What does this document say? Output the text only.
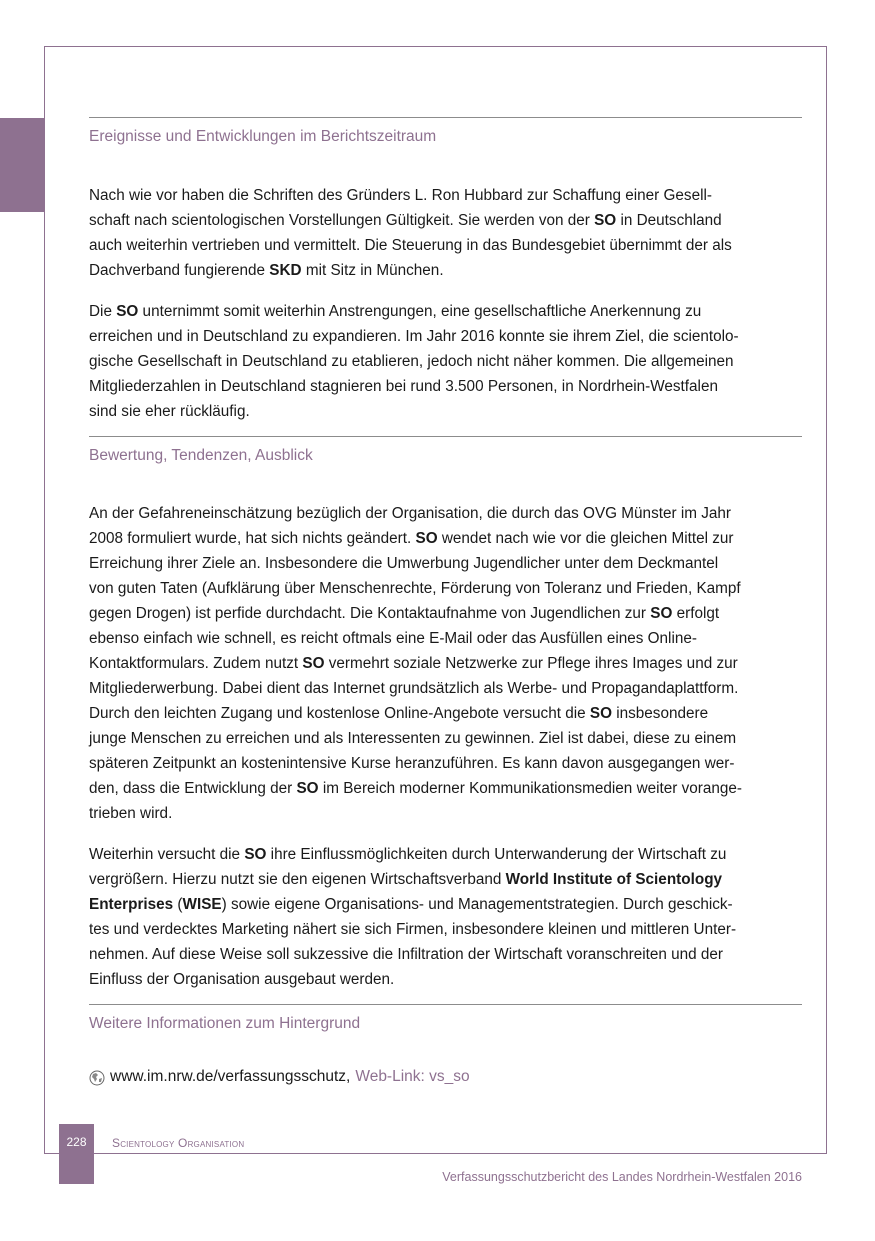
Ereignisse und Entwicklungen im Berichtszeitraum
Nach wie vor haben die Schriften des Gründers L. Ron Hubbard zur Schaffung einer Gesell-
schaft nach scientologischen Vorstellungen Gültigkeit. Sie werden von der SO in Deutschland
auch weiterhin vertrieben und vermittelt. Die Steuerung in das Bundesgebiet übernimmt der als
Dachverband fungierende SKD mit Sitz in München.
Die SO unternimmt somit weiterhin Anstrengungen, eine gesellschaftliche Anerkennung zu
erreichen und in Deutschland zu expandieren. Im Jahr 2016 konnte sie ihrem Ziel, die scientolo-
gische Gesellschaft in Deutschland zu etablieren, jedoch nicht näher kommen. Die allgemeinen
Mitgliederzahlen in Deutschland stagnieren bei rund 3.500 Personen, in Nordrhein-Westfalen
sind sie eher rückläufig.
Bewertung, Tendenzen, Ausblick
An der Gefahreneinschätzung bezüglich der Organisation, die durch das OVG Münster im Jahr
2008 formuliert wurde, hat sich nichts geändert. SO wendet nach wie vor die gleichen Mittel zur
Erreichung ihrer Ziele an. Insbesondere die Umwerbung Jugendlicher unter dem Deckmantel
von guten Taten (Aufklärung über Menschenrechte, Förderung von Toleranz und Frieden, Kampf
gegen Drogen) ist perfide durchdacht. Die Kontaktaufnahme von Jugendlichen zur SO erfolgt
ebenso einfach wie schnell, es reicht oftmals eine E-Mail oder das Ausfüllen eines Online-
Kontaktformulars. Zudem nutzt SO vermehrt soziale Netzwerke zur Pflege ihres Images und zur
Mitgliederwerbung. Dabei dient das Internet grundsätzlich als Werbe- und Propagandaplattform.
Durch den leichten Zugang und kostenlose Online-Angebote versucht die SO insbesondere
junge Menschen zu erreichen und als Interessenten zu gewinnen. Ziel ist dabei, diese zu einem
späteren Zeitpunkt an kostenintensive Kurse heranzuführen. Es kann davon ausgegangen wer-
den, dass die Entwicklung der SO im Bereich moderner Kommunikationsmedien weiter vorange-
trieben wird.
Weiterhin versucht die SO ihre Einflussmöglichkeiten durch Unterwanderung der Wirtschaft zu
vergrößern. Hierzu nutzt sie den eigenen Wirtschaftsverband World Institute of Scientology
Enterprises (WISE) sowie eigene Organisations- und Managementstrategien. Durch geschick-
tes und verdecktes Marketing nähert sie sich Firmen, insbesondere kleinen und mittleren Unter-
nehmen. Auf diese Weise soll sukzessive die Infiltration der Wirtschaft voranschreiten und der
Einfluss der Organisation ausgebaut werden.
Weitere Informationen zum Hintergrund
www.im.nrw.de/verfassungsschutz, Web-Link: vs_so
228	Scientology Organisation
Verfassungsschutzbericht des Landes Nordrhein-Westfalen 2016
